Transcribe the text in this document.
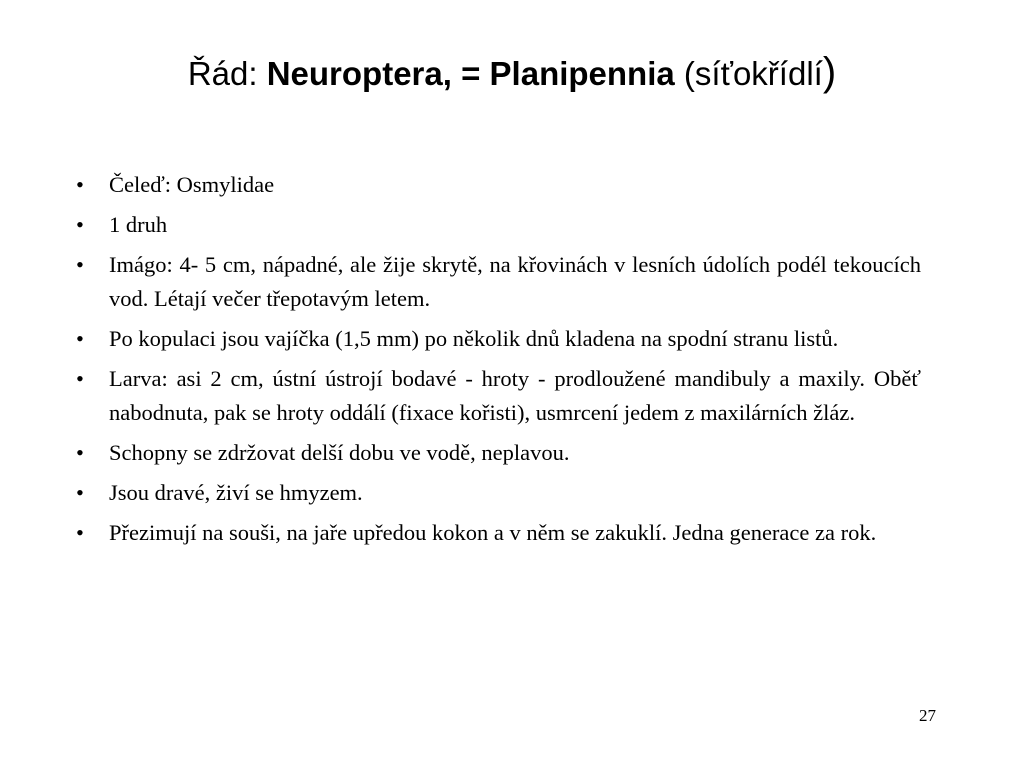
Řád: Neuroptera, = Planipennia (síťokřídlí)
• Čeleď: Osmylidae
• 1 druh
• Imágo: 4- 5 cm, nápadné, ale žije skrytě, na křovinách v lesních údolích podél tekoucích vod. Létají večer třepotavým letem.
• Po kopulaci jsou vajíčka (1,5 mm) po několik dnů kladena na spodní stranu listů.
• Larva: asi 2 cm, ústní ústrojí bodavé - hroty - prodloužené mandibuly a maxily. Oběť nabodnuta, pak se hroty oddálí (fixace kořisti), usmrcení jedem z maxilárních žláz.
• Schopny se zdržovat delší dobu ve vodě, neplavou.
• Jsou dravé, živí se hmyzem.
• Přezimují na souši, na jaře upředou kokon a v něm se zakuklí. Jedna generace za rok.
27
